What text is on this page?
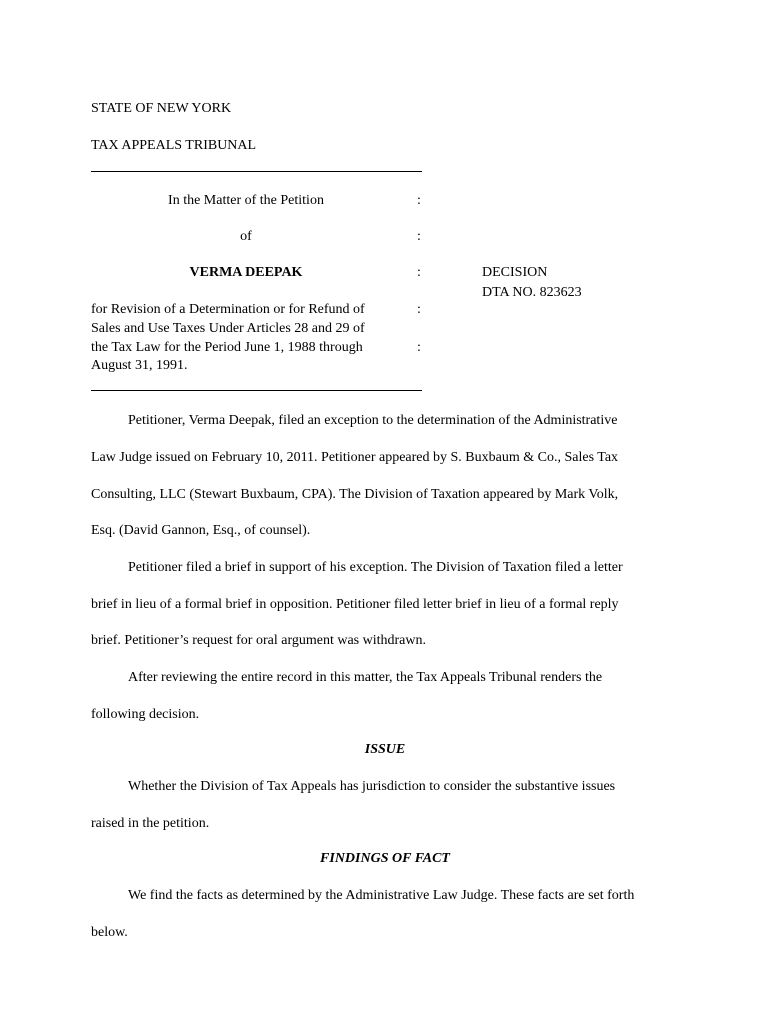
STATE OF NEW YORK
TAX APPEALS TRIBUNAL
In the Matter of the Petition	:
of	:
VERMA DEEPAK	:	DECISION
DTA NO. 823623
for Revision of a Determination or for Refund of	:
Sales and Use Taxes Under Articles 28 and 29 of
the Tax Law for the Period June 1, 1988 through	:
August 31, 1991.
Petitioner, Verma Deepak, filed an exception to the determination of the Administrative
Law Judge issued on February 10, 2011. Petitioner appeared by S. Buxbaum & Co., Sales Tax
Consulting, LLC (Stewart Buxbaum, CPA). The Division of Taxation appeared by Mark Volk,
Esq. (David Gannon, Esq., of counsel).
Petitioner filed a brief in support of his exception. The Division of Taxation filed a letter
brief in lieu of a formal brief in opposition. Petitioner filed letter brief in lieu of a formal reply
brief. Petitioner’s request for oral argument was withdrawn.
After reviewing the entire record in this matter, the Tax Appeals Tribunal renders the
following decision.
ISSUE
Whether the Division of Tax Appeals has jurisdiction to consider the substantive issues
raised in the petition.
FINDINGS OF FACT
We find the facts as determined by the Administrative Law Judge. These facts are set forth
below.
